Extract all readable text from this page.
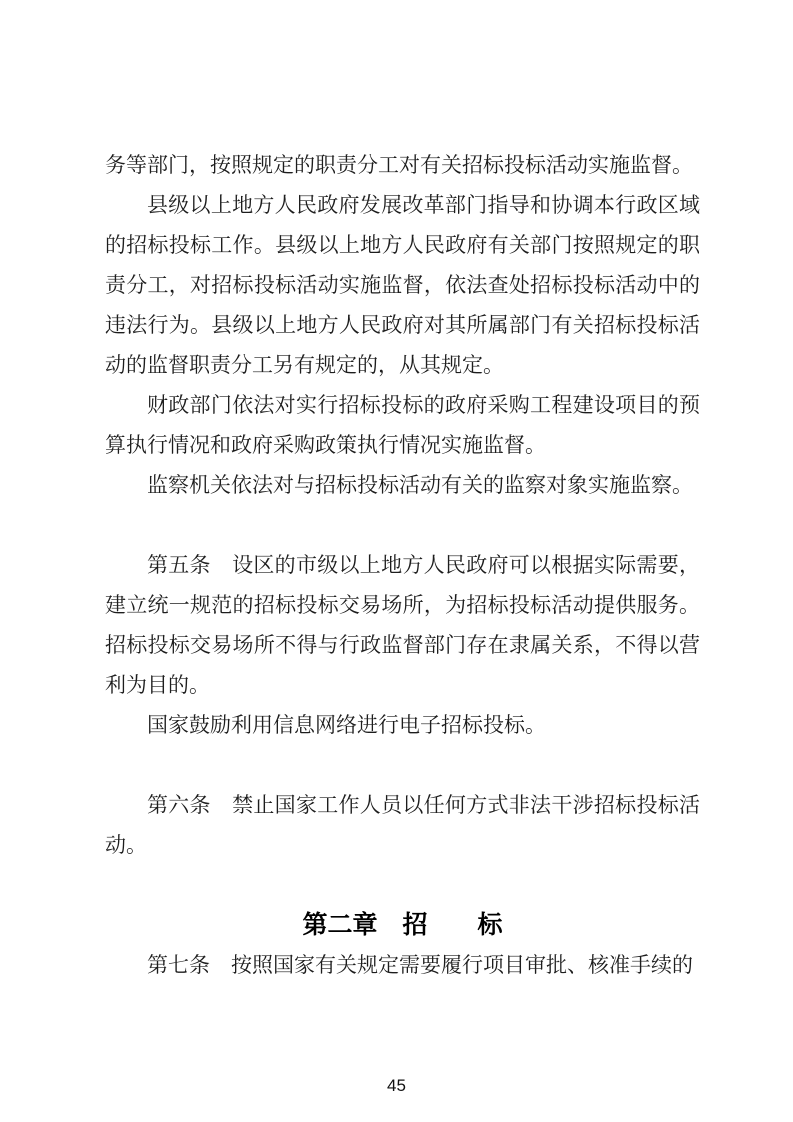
务等部门，按照规定的职责分工对有关招标投标活动实施监督。

县级以上地方人民政府发展改革部门指导和协调本行政区域的招标投标工作。县级以上地方人民政府有关部门按照规定的职责分工，对招标投标活动实施监督，依法查处招标投标活动中的违法行为。县级以上地方人民政府对其所属部门有关招标投标活动的监督职责分工另有规定的，从其规定。

财政部门依法对实行招标投标的政府采购工程建设项目的预算执行情况和政府采购政策执行情况实施监督。

监察机关依法对与招标投标活动有关的监察对象实施监察。

第五条　设区的市级以上地方人民政府可以根据实际需要，建立统一规范的招标投标交易场所，为招标投标活动提供服务。招标投标交易场所不得与行政监督部门存在隶属关系，不得以营利为目的。

国家鼓励利用信息网络进行电子招标投标。

第六条　禁止国家工作人员以任何方式非法干涉招标投标活动。

第二章　招　　标

第七条　按照国家有关规定需要履行项目审批、核准手续的

45
